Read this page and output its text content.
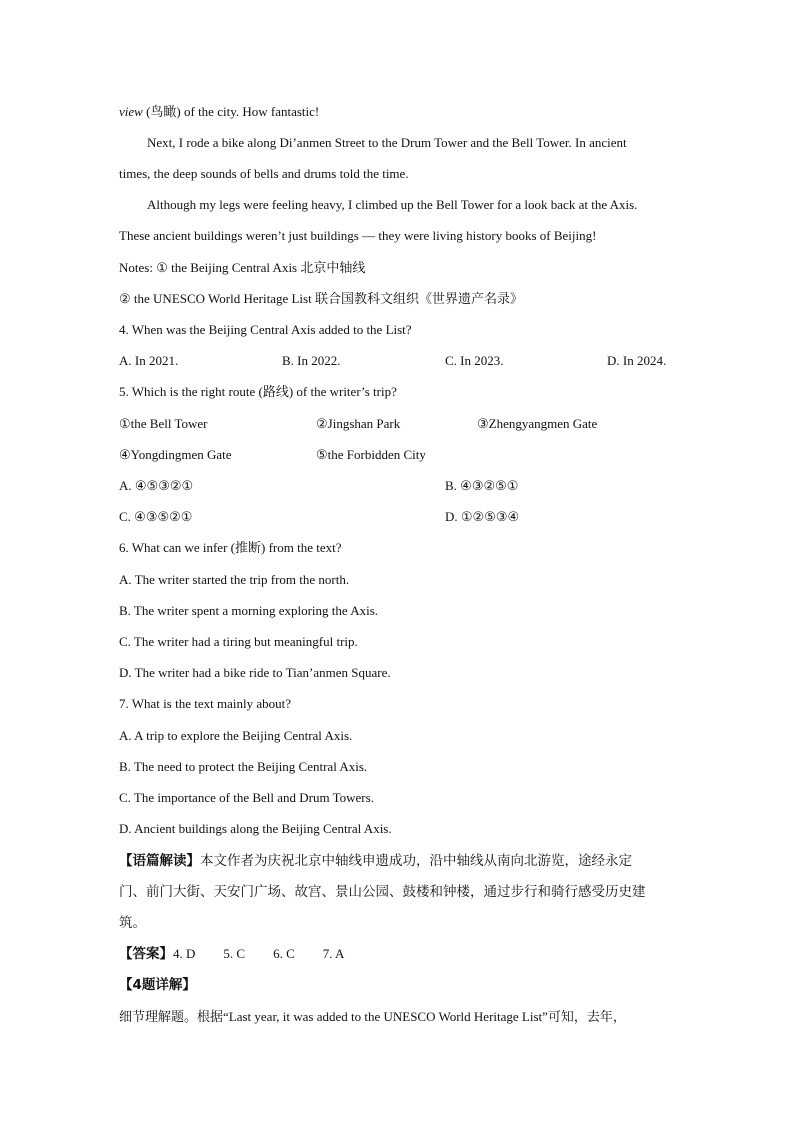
view (鸟瞰) of the city. How fantastic!
Next, I rode a bike along Di’anmen Street to the Drum Tower and the Bell Tower. In ancient
times, the deep sounds of bells and drums told the time.
Although my legs were feeling heavy, I climbed up the Bell Tower for a look back at the Axis.
These ancient buildings weren’t just buildings — they were living history books of Beijing!
Notes: ① the Beijing Central Axis 北京中轴线
② the UNESCO World Heritage List 联合国教科文组织《世界遗产名录》
4. When was the Beijing Central Axis added to the List?
A. In 2021.	B. In 2022.	C. In 2023.	D. In 2024.
5. Which is the right route (路线) of the writer’s trip?
①the Bell Tower	②Jingshan Park	③Zhengyangmen Gate
④Yongdingmen Gate	⑤the Forbidden City
A. ④⑤③②①	B. ④③②⑤①
C. ④③⑤②①	D. ①②⑤③④
6. What can we infer (推断) from the text?
A. The writer started the trip from the north.
B. The writer spent a morning exploring the Axis.
C. The writer had a tiring but meaningful trip.
D. The writer had a bike ride to Tian’anmen Square.
7. What is the text mainly about?
A. A trip to explore the Beijing Central Axis.
B. The need to protect the Beijing Central Axis.
C. The importance of the Bell and Drum Towers.
D. Ancient buildings along the Beijing Central Axis.
【语篇解读】本文作者为庆祝北京中轴线申遗成功，沿中轴线从南向北游览，途经永定
门、前门大街、天安门广场、故宫、景山公园、鼓楼和钟楼，通过步行和骑行感受历史建
筑。
【答案】4. D 5. C 6. C 7. A
【4题详解】
细节理解题。根据“Last year, it was added to the UNESCO World Heritage List”可知，去年，
